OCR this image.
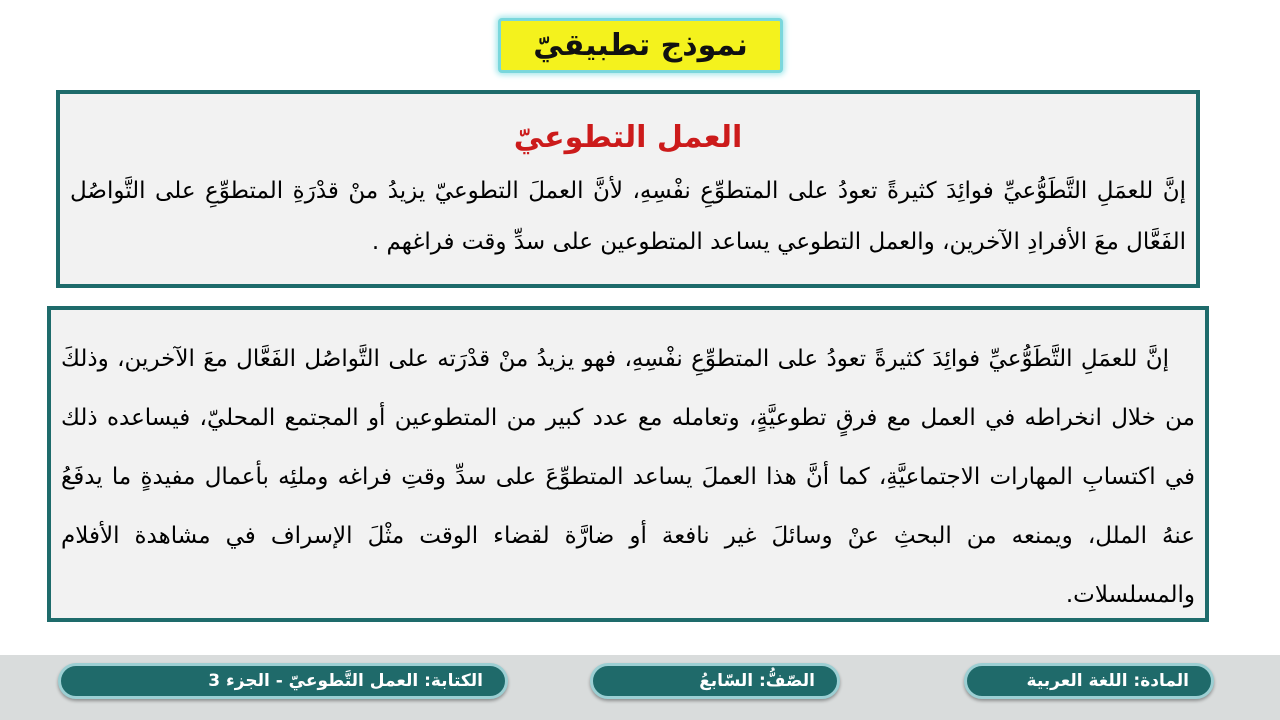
نموذج تطبيقيّ
العمل التطوعيّ
إنَّ للعمَلِ التَّطَوُّعيِّ فوائِدَ كثيرةً تعودُ على المتطوِّعِ نفْسِهِ، لأنَّ العملَ التطوعيّ يزيدُ منْ قدْرَةِ المتطوِّعِ على التَّواصُل الفَعَّال معَ الأفرادِ الآخرين، والعمل التطوعي يساعد المتطوعين على سدِّ وقت فراغهم .
إنَّ للعمَلِ التَّطَوُّعيِّ فوائِدَ كثيرةً تعودُ على المتطوِّعِ نفْسِهِ، فهو يزيدُ منْ قدْرَته على التَّواصُل الفَعَّال معَ الآخرين، وذلكَ من خلال انخراطه في العمل مع فرقٍ تطوعيَّةٍ، وتعامله مع عدد كبير من المتطوعين أو المجتمع المحليّ، فيساعده ذلك في اكتسابِ المهارات الاجتماعيَّةِ، كما أنَّ هذا العملَ يساعد المتطوِّعَ على سدِّ وقتِ فراغه وملئِه بأعمال مفيدةٍ ما يدفَعُ عنهُ الملل، ويمنعه من البحثِ عنْ وسائلَ غير نافعة أو ضارَّة لقضاء الوقت مثْلَ الإسراف في مشاهدة الأفلام والمسلسلات.
المادة: اللغة العربية
الصّفُّ: السّابعُ
الكتابة: العمل التَّطوعيّ - الجزء 3
